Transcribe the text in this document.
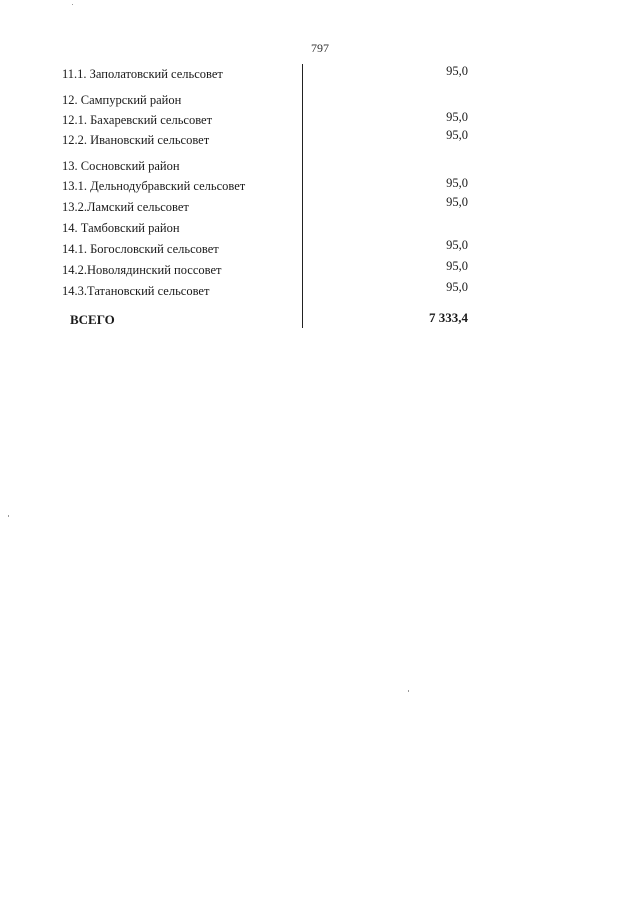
797
11.1. Заполатовский сельсовет	95,0
12. Сампурский район
12.1. Бахаревский сельсовет	95,0
12.2. Ивановский сельсовет	95,0
13. Сосновский район
13.1. Дельнодубравский сельсовет	95,0
13.2.Ламский сельсовет	95,0
14. Тамбовский район
14.1. Богословский сельсовет	95,0
14.2.Новолядинский поссовет	95,0
14.3.Татановский сельсовет	95,0
ВСЕГО	7 333,4
